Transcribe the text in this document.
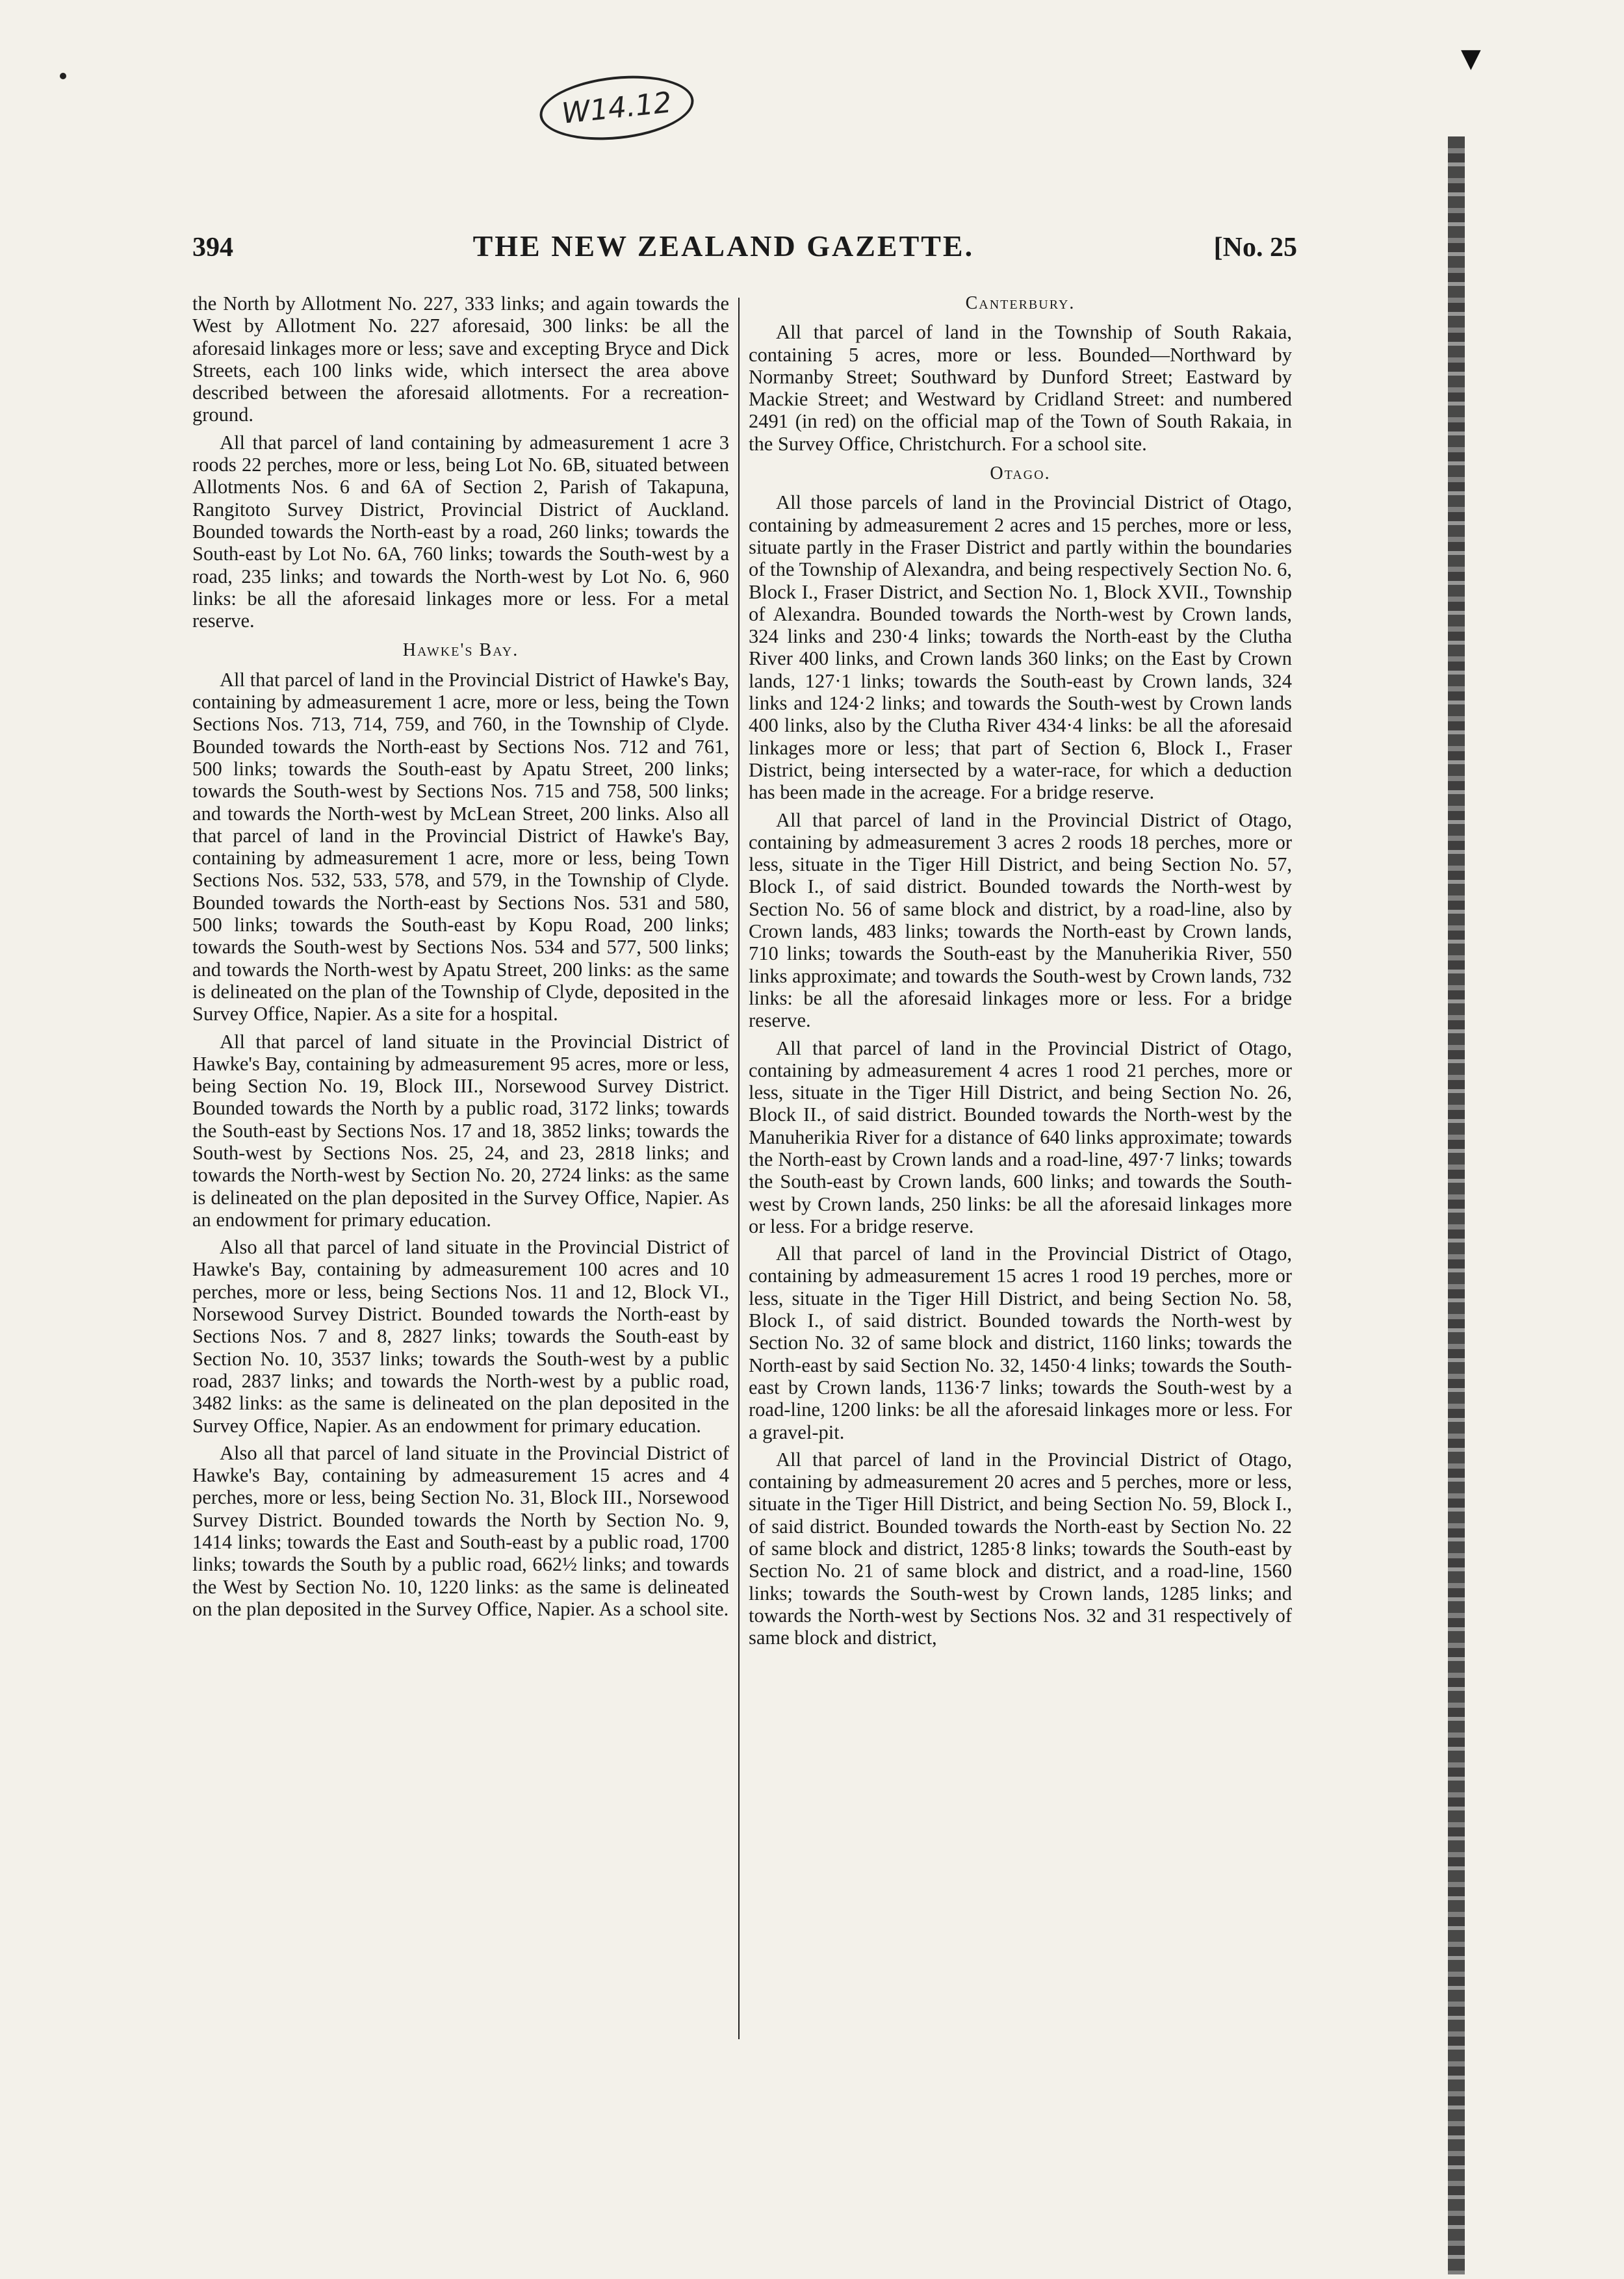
W14.12
▼
394	THE NEW ZEALAND GAZETTE.	[No. 25

the North by Allotment No. 227, 333 links; and again towards the West by Allotment No. 227 aforesaid, 300 links: be all the aforesaid linkages more or less; save and excepting Bryce and Dick Streets, each 100 links wide, which intersect the area above described between the aforesaid allotments. For a recreation-ground.

All that parcel of land containing by admeasurement 1 acre 3 roods 22 perches, more or less, being Lot No. 6B, situated between Allotments Nos. 6 and 6A of Section 2, Parish of Takapuna, Rangitoto Survey District, Provincial District of Auckland. Bounded towards the North-east by a road, 260 links; towards the South-east by Lot No. 6A, 760 links; towards the South-west by a road, 235 links; and towards the North-west by Lot No. 6, 960 links: be all the aforesaid linkages more or less. For a metal reserve.

Hawke's Bay.

All that parcel of land in the Provincial District of Hawke's Bay, containing by admeasurement 1 acre, more or less, being the Town Sections Nos. 713, 714, 759, and 760, in the Township of Clyde. Bounded towards the North-east by Sections Nos. 712 and 761, 500 links; towards the South-east by Apatu Street, 200 links; towards the South-west by Sections Nos. 715 and 758, 500 links; and towards the North-west by McLean Street, 200 links. Also all that parcel of land in the Provincial District of Hawke's Bay, containing by admeasurement 1 acre, more or less, being Town Sections Nos. 532, 533, 578, and 579, in the Township of Clyde. Bounded towards the North-east by Sections Nos. 531 and 580, 500 links; towards the South-east by Kopu Road, 200 links; towards the South-west by Sections Nos. 534 and 577, 500 links; and towards the North-west by Apatu Street, 200 links: as the same is delineated on the plan of the Township of Clyde, deposited in the Survey Office, Napier. As a site for a hospital.

All that parcel of land situate in the Provincial District of Hawke's Bay, containing by admeasurement 95 acres, more or less, being Section No. 19, Block III., Norsewood Survey District. Bounded towards the North by a public road, 3172 links; towards the South-east by Sections Nos. 17 and 18, 3852 links; towards the South-west by Sections Nos. 25, 24, and 23, 2818 links; and towards the North-west by Section No. 20, 2724 links: as the same is delineated on the plan deposited in the Survey Office, Napier. As an endowment for primary education.

Also all that parcel of land situate in the Provincial District of Hawke's Bay, containing by admeasurement 100 acres and 10 perches, more or less, being Sections Nos. 11 and 12, Block VI., Norsewood Survey District. Bounded towards the North-east by Sections Nos. 7 and 8, 2827 links; towards the South-east by Section No. 10, 3537 links; towards the South-west by a public road, 2837 links; and towards the North-west by a public road, 3482 links: as the same is delineated on the plan deposited in the Survey Office, Napier. As an endowment for primary education.

Also all that parcel of land situate in the Provincial District of Hawke's Bay, containing by admeasurement 15 acres and 4 perches, more or less, being Section No. 31, Block III., Norsewood Survey District. Bounded towards the North by Section No. 9, 1414 links; towards the East and South-east by a public road, 1700 links; towards the South by a public road, 662½ links; and towards the West by Section No. 10, 1220 links: as the same is delineated on the plan deposited in the Survey Office, Napier. As a school site.

Canterbury.

All that parcel of land in the Township of South Rakaia, containing 5 acres, more or less. Bounded—Northward by Normanby Street; Southward by Dunford Street; Eastward by Mackie Street; and Westward by Cridland Street: and numbered 2491 (in red) on the official map of the Town of South Rakaia, in the Survey Office, Christchurch. For a school site.

Otago.

All those parcels of land in the Provincial District of Otago, containing by admeasurement 2 acres and 15 perches, more or less, situate partly in the Fraser District and partly within the boundaries of the Township of Alexandra, and being respectively Section No. 6, Block I., Fraser District, and Section No. 1, Block XVII., Township of Alexandra. Bounded towards the North-west by Crown lands, 324 links and 230·4 links; towards the North-east by the Clutha River 400 links, and Crown lands 360 links; on the East by Crown lands, 127·1 links; towards the South-east by Crown lands, 324 links and 124·2 links; and towards the South-west by Crown lands 400 links, also by the Clutha River 434·4 links: be all the aforesaid linkages more or less; that part of Section 6, Block I., Fraser District, being intersected by a water-race, for which a deduction has been made in the acreage. For a bridge reserve.

All that parcel of land in the Provincial District of Otago, containing by admeasurement 3 acres 2 roods 18 perches, more or less, situate in the Tiger Hill District, and being Section No. 57, Block I., of said district. Bounded towards the North-west by Section No. 56 of same block and district, by a road-line, also by Crown lands, 483 links; towards the North-east by Crown lands, 710 links; towards the South-east by the Manuherikia River, 550 links approximate; and towards the South-west by Crown lands, 732 links: be all the aforesaid linkages more or less. For a bridge reserve.

All that parcel of land in the Provincial District of Otago, containing by admeasurement 4 acres 1 rood 21 perches, more or less, situate in the Tiger Hill District, and being Section No. 26, Block II., of said district. Bounded towards the North-west by the Manuherikia River for a distance of 640 links approximate; towards the North-east by Crown lands and a road-line, 497·7 links; towards the South-east by Crown lands, 600 links; and towards the South-west by Crown lands, 250 links: be all the aforesaid linkages more or less. For a bridge reserve.

All that parcel of land in the Provincial District of Otago, containing by admeasurement 15 acres 1 rood 19 perches, more or less, situate in the Tiger Hill District, and being Section No. 58, Block I., of said district. Bounded towards the North-west by Section No. 32 of same block and district, 1160 links; towards the North-east by said Section No. 32, 1450·4 links; towards the South-east by Crown lands, 1136·7 links; towards the South-west by a road-line, 1200 links: be all the aforesaid linkages more or less. For a gravel-pit.

All that parcel of land in the Provincial District of Otago, containing by admeasurement 20 acres and 5 perches, more or less, situate in the Tiger Hill District, and being Section No. 59, Block I., of said district. Bounded towards the North-east by Section No. 22 of same block and district, 1285·8 links; towards the South-east by Section No. 21 of same block and district, and a road-line, 1560 links; towards the South-west by Crown lands, 1285 links; and towards the North-west by Sections Nos. 32 and 31 respectively of same block and district,
